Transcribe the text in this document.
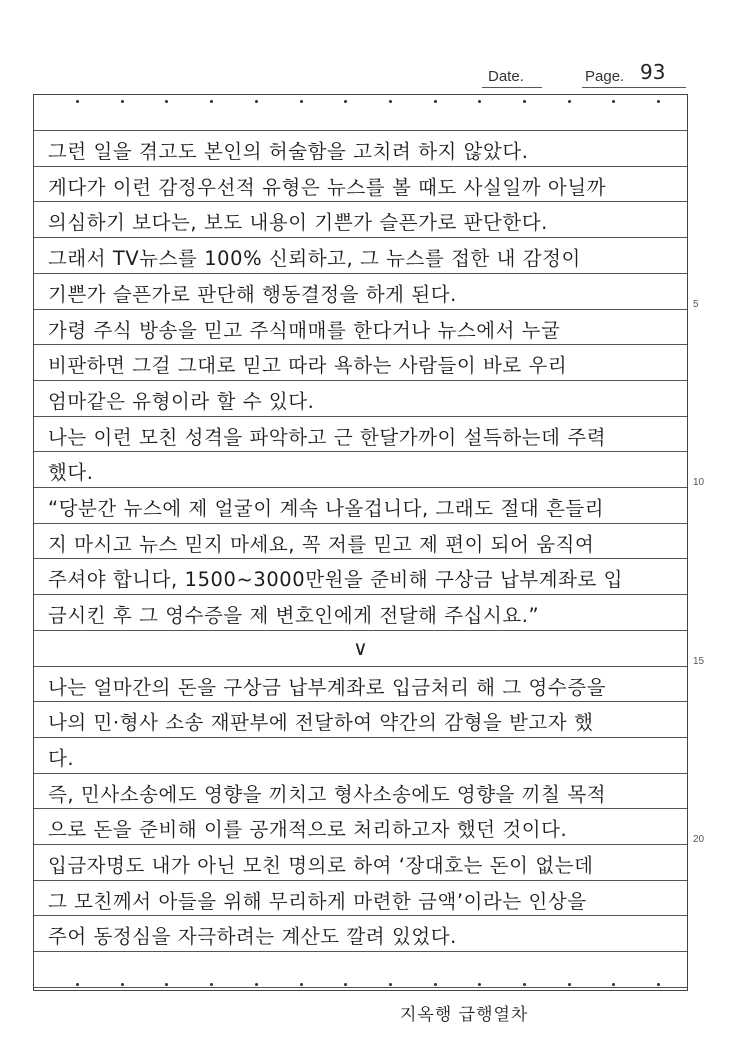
Date.	Page. 93
그런 일을 겪고도 본인의 허술함을 고치려 하지 않았다.
게다가 이런 감정우선적 유형은 뉴스를 볼 때도 사실일까 아닐까
의심하기 보다는, 보도 내용이 기쁜가 슬픈가로 판단한다.
그래서 TV뉴스를 100% 신뢰하고, 그 뉴스를 접한 내 감정이
기쁜가 슬픈가로 판단해 행동결정을 하게 된다.
가령 주식 방송을 믿고 주식매매를 한다거나 뉴스에서 누굴
비판하면 그걸 그대로 믿고 따라 욕하는 사람들이 바로 우리
엄마같은 유형이라 할 수 있다.
나는 이런 모친 성격을 파악하고 근 한달가까이 설득하는데 주력
했다.
“당분간 뉴스에 제 얼굴이 계속 나올겁니다, 그래도 절대 흔들리
지 마시고 뉴스 믿지 마세요, 꼭 저를 믿고 제 편이 되어 움직여
주셔야 합니다, 1500~3000만원을 준비해 구상금 납부계좌로 입
금시킨 후 그 영수증을 제 변호인에게 전달해 주십시요.”
∨
나는 얼마간의 돈을 구상금 납부계좌로 입금처리 해 그 영수증을
나의 민·형사 소송 재판부에 전달하여 약간의 감형을 받고자 했
다.
즉, 민사소송에도 영향을 끼치고 형사소송에도 영향을 끼칠 목적
으로 돈을 준비해 이를 공개적으로 처리하고자 했던 것이다.
입금자명도 내가 아닌 모친 명의로 하여 ‘장대호는 돈이 없는데
그 모친께서 아들을 위해 무리하게 마련한 금액’이라는 인상을
주어 동정심을 자극하려는 계산도 깔려 있었다.
5
10
15
20
지옥행 급행열차
